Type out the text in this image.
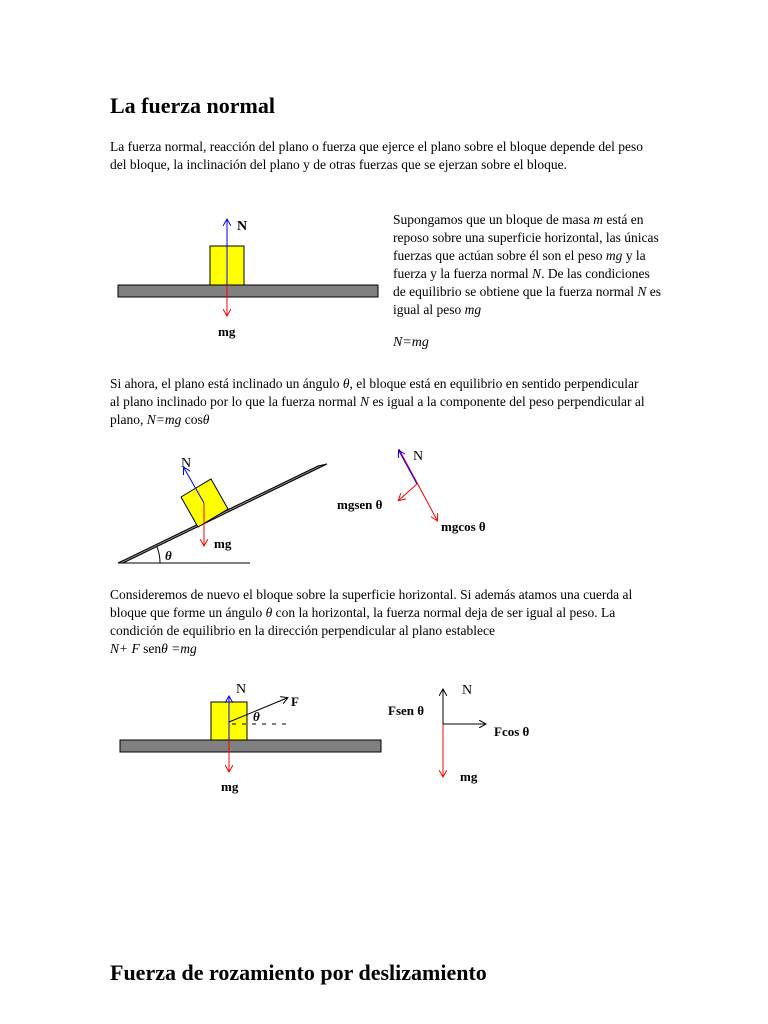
La fuerza normal

La fuerza normal, reacción del plano o fuerza que ejerce el plano sobre el bloque depende del peso del bloque, la inclinación del plano y de otras fuerzas que se ejerzan sobre el bloque.

N
mg
N
mg
θ
N
mgsen θ
mgcos θ
N
F
θ
mg
N
Fsen θ
Fcos θ
mg

Supongamos que un bloque de masa m está en reposo sobre una superficie horizontal, las únicas fuerzas que actúan sobre él son el peso mg y la fuerza y la fuerza normal N. De las condiciones de equilibrio se obtiene que la fuerza normal N es igual al peso mg

N=mg

Si ahora, el plano está inclinado un ángulo θ, el bloque está en equilibrio en sentido perpendicular al plano inclinado por lo que la fuerza normal N es igual a la componente del peso perpendicular al plano, N=mg cosθ

Consideremos de nuevo el bloque sobre la superficie horizontal. Si además atamos una cuerda al bloque que forme un ángulo θ con la horizontal, la fuerza normal deja de ser igual al peso. La condición de equilibrio en la dirección perpendicular al plano establece
N+ F senθ =mg

Fuerza de rozamiento por deslizamiento
